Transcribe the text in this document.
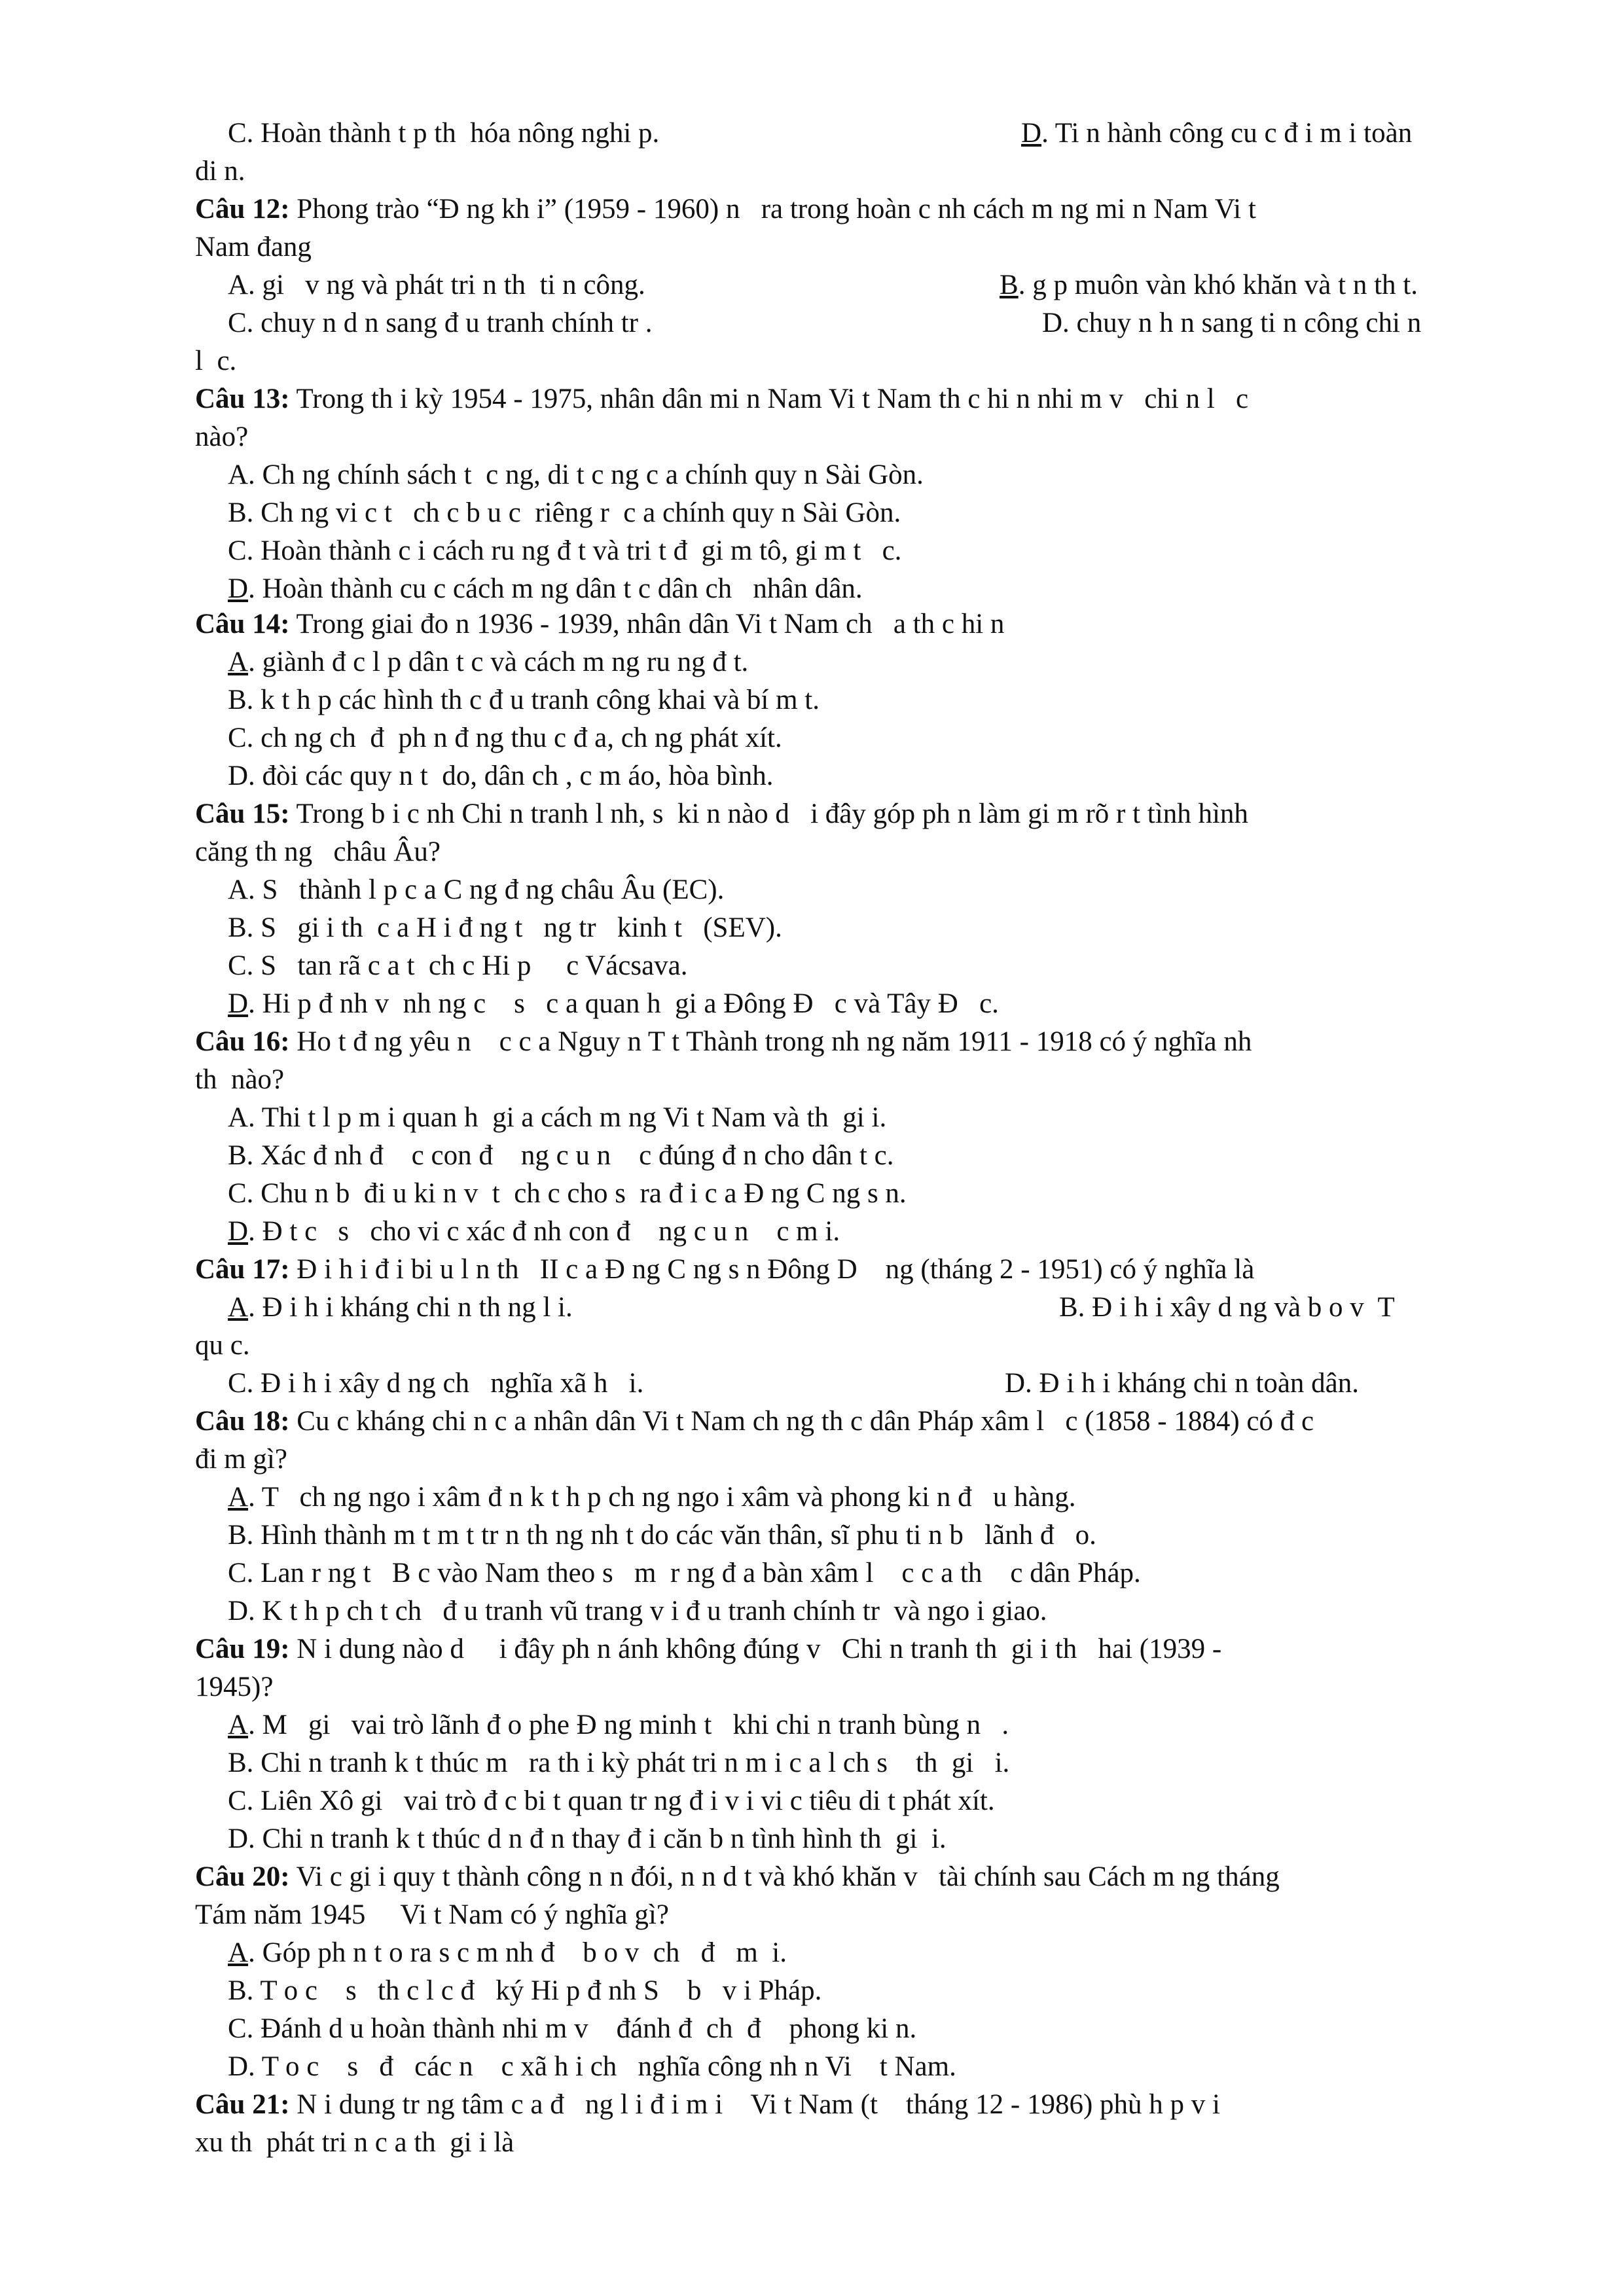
C. Hoàn thành t p th  hóa nông nghi p.	D. Ti n hành công cu c đ i m i toàn
di n.
Câu 12: Phong trào “Đ ng kh i” (1959 - 1960) n   ra trong hoàn c nh cách m ng mi n Nam Vi t
Nam đang
A. gi   v ng và phát tri n th  ti n công.	B. g p muôn vàn khó khăn và t n th t.
C. chuy n d n sang đ u tranh chính tr .	D. chuy n h n sang ti n công chi n
l  c.
Câu 13: Trong th i kỳ 1954 - 1975, nhân dân mi n Nam Vi t Nam th c hi n nhi m v   chi n l   c
nào?
A. Ch ng chính sách t  c ng, di t c ng c a chính quy n Sài Gòn.
B. Ch ng vi c t   ch c b u c  riêng r  c a chính quy n Sài Gòn.
C. Hoàn thành c i cách ru ng đ t và tri t đ  gi m tô, gi m t   c.
D. Hoàn thành cu c cách m ng dân t c dân ch   nhân dân.
Câu 14: Trong giai đo n 1936 - 1939, nhân dân Vi t Nam ch   a th c hi n
A. giành đ c l p dân t c và cách m ng ru ng đ t.
B. k t h p các hình th c đ u tranh công khai và bí m t.
C. ch ng ch  đ  ph n đ ng thu c đ a, ch ng phát xít.
D. đòi các quy n t  do, dân ch , c m áo, hòa bình.
Câu 15: Trong b i c nh Chi n tranh l nh, s  ki n nào d   i đây góp ph n làm gi m rõ r t tình hình
căng th ng   châu Âu?
A. S   thành l p c a C ng đ ng châu Âu (EC).
B. S   gi i th  c a H i đ ng t   ng tr   kinh t   (SEV).
C. S   tan rã c a t  ch c Hi p     c Vácsava.
D. Hi p đ nh v  nh ng c    s   c a quan h  gi a Đông Đ   c và Tây Đ   c.
Câu 16: Ho t đ ng yêu n    c c a Nguy n T t Thành trong nh ng năm 1911 - 1918 có ý nghĩa nh
th  nào?
A. Thi t l p m i quan h  gi a cách m ng Vi t Nam và th  gi i.
B. Xác đ nh đ    c con đ    ng c u n    c đúng đ n cho dân t c.
C. Chu n b  đi u ki n v  t  ch c cho s  ra đ i c a Đ ng C ng s n.
D. Đ t c   s   cho vi c xác đ nh con đ    ng c u n    c m i.
Câu 17: Đ i h i đ i bi u l n th   II c a Đ ng C ng s n Đông D    ng (tháng 2 - 1951) có ý nghĩa là
A. Đ i h i kháng chi n th ng l i.	B. Đ i h i xây d ng và b o v  T
qu c.
C. Đ i h i xây d ng ch   nghĩa xã h   i.	D. Đ i h i kháng chi n toàn dân.
Câu 18: Cu c kháng chi n c a nhân dân Vi t Nam ch ng th c dân Pháp xâm l   c (1858 - 1884) có đ c
đi m gì?
A. T   ch ng ngo i xâm đ n k t h p ch ng ngo i xâm và phong ki n đ   u hàng.
B. Hình thành m t m t tr n th ng nh t do các văn thân, sĩ phu ti n b   lãnh đ   o.
C. Lan r ng t   B c vào Nam theo s   m  r ng đ a bàn xâm l    c c a th    c dân Pháp.
D. K t h p ch t ch   đ u tranh vũ trang v i đ u tranh chính tr  và ngo i giao.
Câu 19: N i dung nào d     i đây ph n ánh không đúng v   Chi n tranh th  gi i th   hai (1939 -
1945)?
A. M   gi   vai trò lãnh đ o phe Đ ng minh t   khi chi n tranh bùng n   .
B. Chi n tranh k t thúc m   ra th i kỳ phát tri n m i c a l ch s    th  gi   i.
C. Liên Xô gi   vai trò đ c bi t quan tr ng đ i v i vi c tiêu di t phát xít.
D. Chi n tranh k t thúc d n đ n thay đ i căn b n tình hình th  gi  i.
Câu 20: Vi c gi i quy t thành công n n đói, n n d t và khó khăn v   tài chính sau Cách m ng tháng
Tám năm 1945     Vi t Nam có ý nghĩa gì?
A. Góp ph n t o ra s c m nh đ    b o v  ch   đ   m  i.
B. T o c    s   th c l c đ   ký Hi p đ nh S    b   v i Pháp.
C. Đánh d u hoàn thành nhi m v    đánh đ  ch  đ    phong ki n.
D. T o c    s   đ   các n    c xã h i ch   nghĩa công nh n Vi    t Nam.
Câu 21: N i dung tr ng tâm c a đ   ng l i đ i m i    Vi t Nam (t    tháng 12 - 1986) phù h p v i
xu th  phát tri n c a th  gi i là
